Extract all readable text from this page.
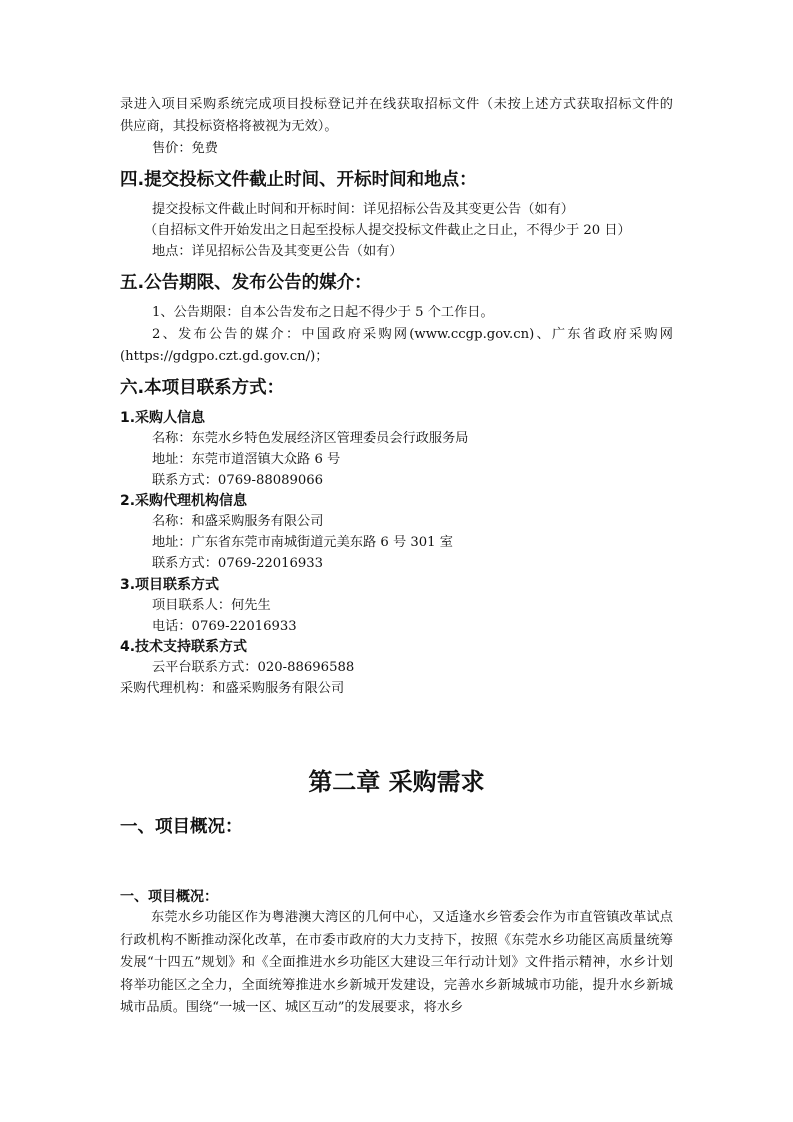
录进入项目采购系统完成项目投标登记并在线获取招标文件（未按上述方式获取招标文件的
供应商，其投标资格将被视为无效）。
售价：免费
四.提交投标文件截止时间、开标时间和地点：
提交投标文件截止时间和开标时间：详见招标公告及其变更公告（如有）
（自招标文件开始发出之日起至投标人提交投标文件截止之日止，不得少于 20 日）
地点：详见招标公告及其变更公告（如有）
五.公告期限、发布公告的媒介：
1、公告期限：自本公告发布之日起不得少于 5 个工作日。
2、发布公告的媒介：中国政府采购网(www.ccgp.gov.cn)、广东省政府采购网
(https://gdgpo.czt.gd.gov.cn/)；
六.本项目联系方式：
1.采购人信息
名称：东莞水乡特色发展经济区管理委员会行政服务局
地址：东莞市道滘镇大众路 6 号
联系方式：0769-88089066
2.采购代理机构信息
名称：和盛采购服务有限公司
地址：广东省东莞市南城街道元美东路 6 号 301 室
联系方式：0769-22016933
3.项目联系方式
项目联系人：何先生
电话：0769-22016933
4.技术支持联系方式
云平台联系方式：020-88696588
采购代理机构：和盛采购服务有限公司
第二章 采购需求
一、项目概况：
一、项目概况：
东莞水乡功能区作为粤港澳大湾区的几何中心，又适逢水乡管委会作为市直管镇改革试点行政机构不断推动深化改革，在市委市政府的大力支持下，按照《东莞水乡功能区高质量统筹发展“十四五”规划》和《全面推进水乡功能区大建设三年行动计划》文件指示精神，水乡计划将举功能区之全力，全面统筹推进水乡新城开发建设，完善水乡新城城市功能，提升水乡新城城市品质。围绕“一城一区、城区互动”的发展要求，将水乡
